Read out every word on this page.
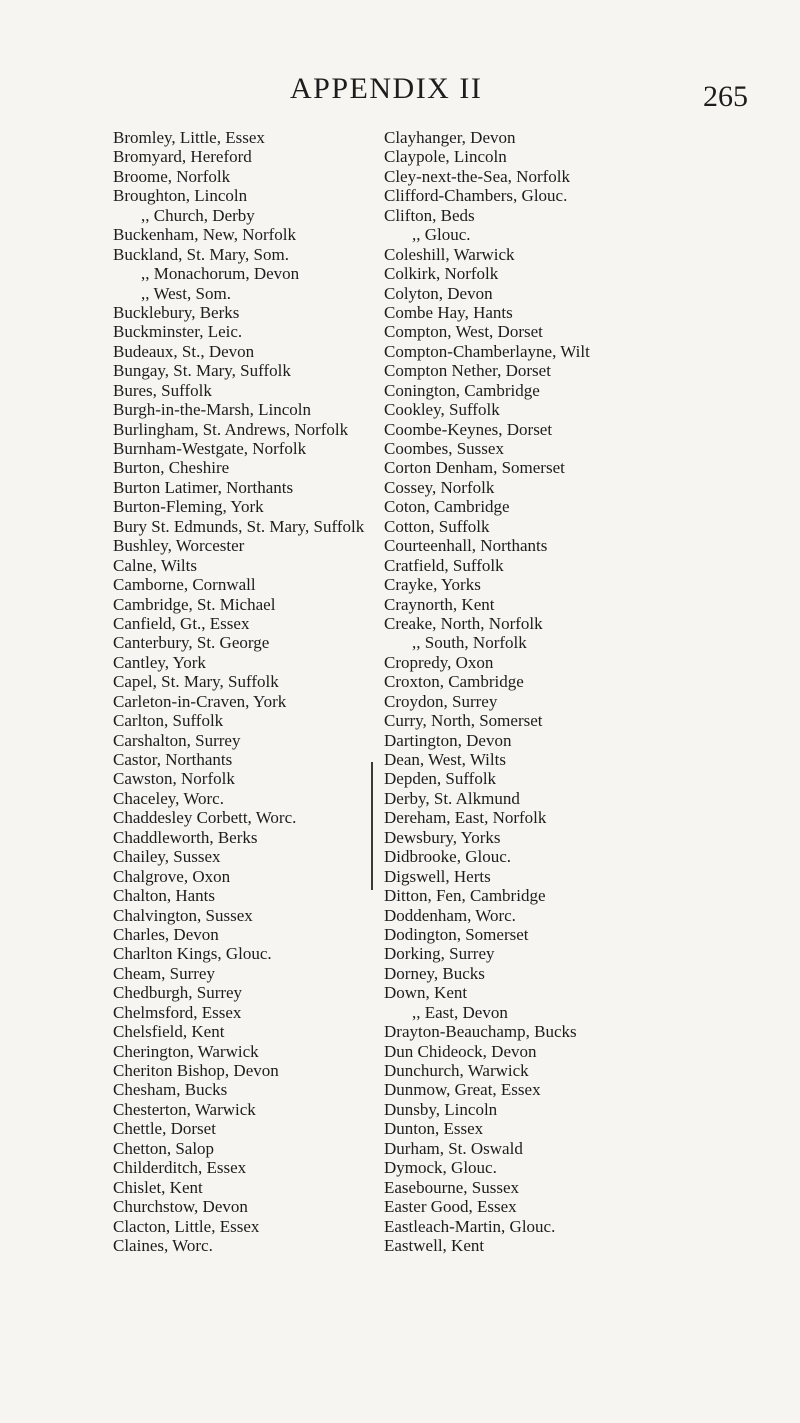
APPENDIX II	265
Bromley, Little, Essex
Bromyard, Hereford
Broome, Norfolk
Broughton, Lincoln
,, Church, Derby
Buckenham, New, Norfolk
Buckland, St. Mary, Som.
,, Monachorum, Devon
,, West, Som.
Bucklebury, Berks
Buckminster, Leic.
Budeaux, St., Devon
Bungay, St. Mary, Suffolk
Bures, Suffolk
Burgh-in-the-Marsh, Lincoln
Burlingham, St. Andrews, Norfolk
Burnham-Westgate, Norfolk
Burton, Cheshire
Burton Latimer, Northants
Burton-Fleming, York
Bury St. Edmunds, St. Mary, Suffolk
Bushley, Worcester
Calne, Wilts
Camborne, Cornwall
Cambridge, St. Michael
Canfield, Gt., Essex
Canterbury, St. George
Cantley, York
Capel, St. Mary, Suffolk
Carleton-in-Craven, York
Carlton, Suffolk
Carshalton, Surrey
Castor, Northants
Cawston, Norfolk
Chaceley, Worc.
Chaddesley Corbett, Worc.
Chaddleworth, Berks
Chailey, Sussex
Chalgrove, Oxon
Chalton, Hants
Chalvington, Sussex
Charles, Devon
Charlton Kings, Glouc.
Cheam, Surrey
Chedburgh, Surrey
Chelmsford, Essex
Chelsfield, Kent
Cherington, Warwick
Cheriton Bishop, Devon
Chesham, Bucks
Chesterton, Warwick
Chettle, Dorset
Chetton, Salop
Childerditch, Essex
Chislet, Kent
Churchstow, Devon
Clacton, Little, Essex
Claines, Worc.
Clayhanger, Devon
Claypole, Lincoln
Cley-next-the-Sea, Norfolk
Clifford-Chambers, Glouc.
Clifton, Beds
,, Glouc.
Coleshill, Warwick
Colkirk, Norfolk
Colyton, Devon
Combe Hay, Hants
Compton, West, Dorset
Compton-Chamberlayne, Wilt
Compton Nether, Dorset
Conington, Cambridge
Cookley, Suffolk
Coombe-Keynes, Dorset
Coombes, Sussex
Corton Denham, Somerset
Cossey, Norfolk
Coton, Cambridge
Cotton, Suffolk
Courteenhall, Northants
Cratfield, Suffolk
Crayke, Yorks
Craynorth, Kent
Creake, North, Norfolk
,, South, Norfolk
Cropredy, Oxon
Croxton, Cambridge
Croydon, Surrey
Curry, North, Somerset
Dartington, Devon
Dean, West, Wilts
Depden, Suffolk
Derby, St. Alkmund
Dereham, East, Norfolk
Dewsbury, Yorks
Didbrooke, Glouc.
Digswell, Herts
Ditton, Fen, Cambridge
Doddenham, Worc.
Dodington, Somerset
Dorking, Surrey
Dorney, Bucks
Down, Kent
,, East, Devon
Drayton-Beauchamp, Bucks
Dun Chideock, Devon
Dunchurch, Warwick
Dunmow, Great, Essex
Dunsby, Lincoln
Dunton, Essex
Durham, St. Oswald
Dymock, Glouc.
Easebourne, Sussex
Easter Good, Essex
Eastleach-Martin, Glouc.
Eastwell, Kent
